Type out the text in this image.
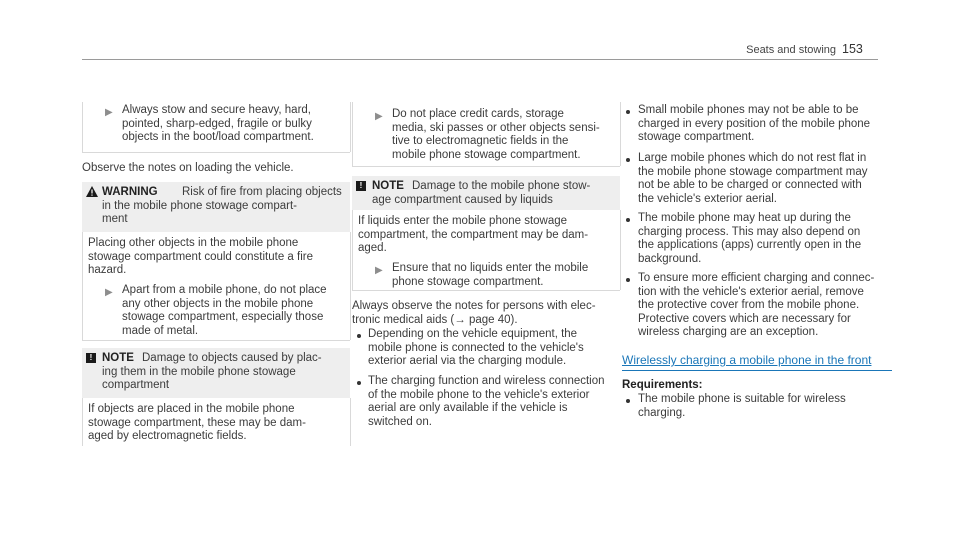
Seats and stowing 153
▶ Always stow and secure heavy, hard,
pointed, sharp-edged, fragile or bulky
objects in the boot/load compartment.
Observe the notes on loading the vehicle.
WARNING	Risk of fire from placing objects
in the mobile phone stowage compart-
ment
Placing other objects in the mobile phone
stowage compartment could constitute a fire
hazard.
▶ Apart from a mobile phone, do not place
any other objects in the mobile phone
stowage compartment, especially those
made of metal.
! NOTE Damage to objects caused by plac-
ing them in the mobile phone stowage
compartment
If objects are placed in the mobile phone
stowage compartment, these may be dam-
aged by electromagnetic fields.
▶ Do not place credit cards, storage
media, ski passes or other objects sensi-
tive to electromagnetic fields in the
mobile phone stowage compartment.
! NOTE Damage to the mobile phone stow-
age compartment caused by liquids
If liquids enter the mobile phone stowage
compartment, the compartment may be dam-
aged.
▶ Ensure that no liquids enter the mobile
phone stowage compartment.
Always observe the notes for persons with elec-
tronic medical aids (→ page 40).
Depending on the vehicle equipment, the
mobile phone is connected to the vehicle's
exterior aerial via the charging module.
The charging function and wireless connection
of the mobile phone to the vehicle's exterior
aerial are only available if the vehicle is
switched on.
Small mobile phones may not be able to be
charged in every position of the mobile phone
stowage compartment.
Large mobile phones which do not rest flat in
the mobile phone stowage compartment may
not be able to be charged or connected with
the vehicle's exterior aerial.
The mobile phone may heat up during the
charging process. This may also depend on
the applications (apps) currently open in the
background.
To ensure more efficient charging and connec-
tion with the vehicle's exterior aerial, remove
the protective cover from the mobile phone.
Protective covers which are necessary for
wireless charging are an exception.
Wirelessly charging a mobile phone in the front
Requirements:
The mobile phone is suitable for wireless
charging.
